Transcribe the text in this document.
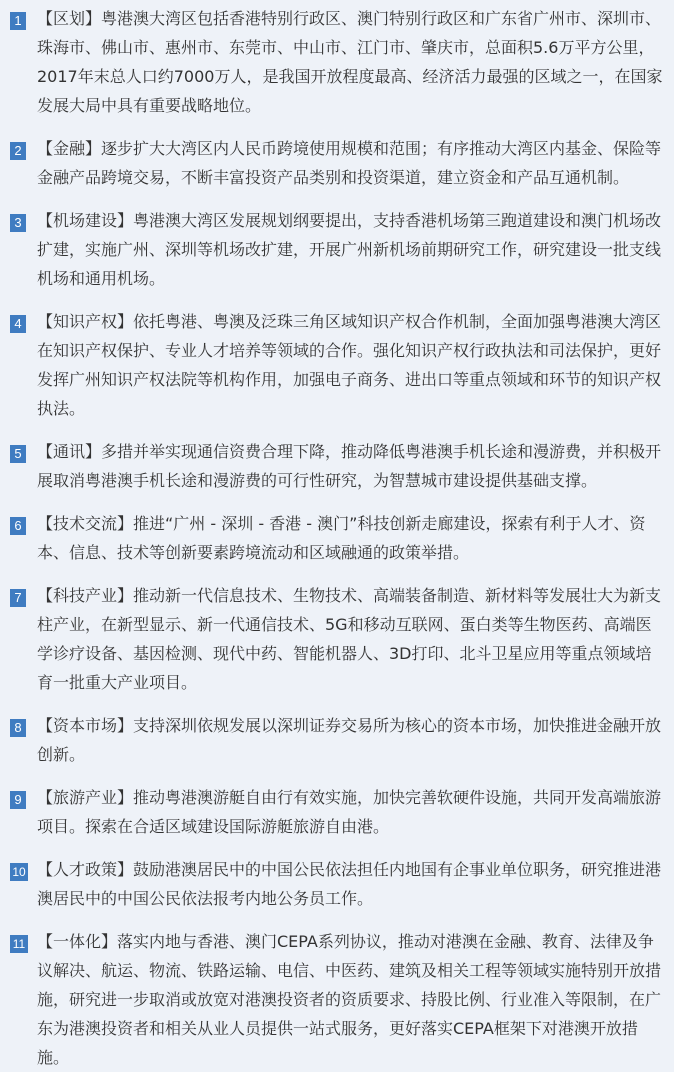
1 【区划】粤港澳大湾区包括香港特别行政区、澳门特别行政区和广东省广州市、深圳市、珠海市、佛山市、惠州市、东莞市、中山市、江门市、肇庆市，总面积5.6万平方公里，2017年末总人口约7000万人，是我国开放程度最高、经济活力最强的区域之一，在国家发展大局中具有重要战略地位。
2 【金融】逐步扩大大湾区内人民币跨境使用规模和范围；有序推动大湾区内基金、保险等金融产品跨境交易，不断丰富投资产品类别和投资渠道，建立资金和产品互通机制。
3 【机场建设】粤港澳大湾区发展规划纲要提出，支持香港机场第三跑道建设和澳门机场改扩建，实施广州、深圳等机场改扩建，开展广州新机场前期研究工作，研究建设一批支线机场和通用机场。
4 【知识产权】依托粤港、粤澳及泛珠三角区域知识产权合作机制，全面加强粤港澳大湾区在知识产权保护、专业人才培养等领域的合作。强化知识产权行政执法和司法保护，更好发挥广州知识产权法院等机构作用，加强电子商务、进出口等重点领域和环节的知识产权执法。
5 【通讯】多措并举实现通信资费合理下降，推动降低粤港澳手机长途和漫游费，并积极开展取消粤港澳手机长途和漫游费的可行性研究，为智慧城市建设提供基础支撑。
6 【技术交流】推进“广州 - 深圳 - 香港 - 澳门”科技创新走廊建设，探索有利于人才、资本、信息、技术等创新要素跨境流动和区域融通的政策举措。
7 【科技产业】推动新一代信息技术、生物技术、高端装备制造、新材料等发展壮大为新支柱产业，在新型显示、新一代通信技术、5G和移动互联网、蛋白类等生物医药、高端医学诊疗设备、基因检测、现代中药、智能机器人、3D打印、北斗卫星应用等重点领域培育一批重大产业项目。
8 【资本市场】支持深圳依规发展以深圳证券交易所为核心的资本市场，加快推进金融开放创新。
9 【旅游产业】推动粤港澳游艇自由行有效实施，加快完善软硬件设施，共同开发高端旅游项目。探索在合适区域建设国际游艇旅游自由港。
10 【人才政策】鼓励港澳居民中的中国公民依法担任内地国有企事业单位职务，研究推进港澳居民中的中国公民依法报考内地公务员工作。
11 【一体化】落实内地与香港、澳门CEPA系列协议，推动对港澳在金融、教育、法律及争议解决、航运、物流、铁路运输、电信、中医药、建筑及相关工程等领域实施特别开放措施，研究进一步取消或放宽对港澳投资者的资质要求、持股比例、行业准入等限制，在广东为港澳投资者和相关从业人员提供一站式服务，更好落实CEPA框架下对港澳开放措施。
